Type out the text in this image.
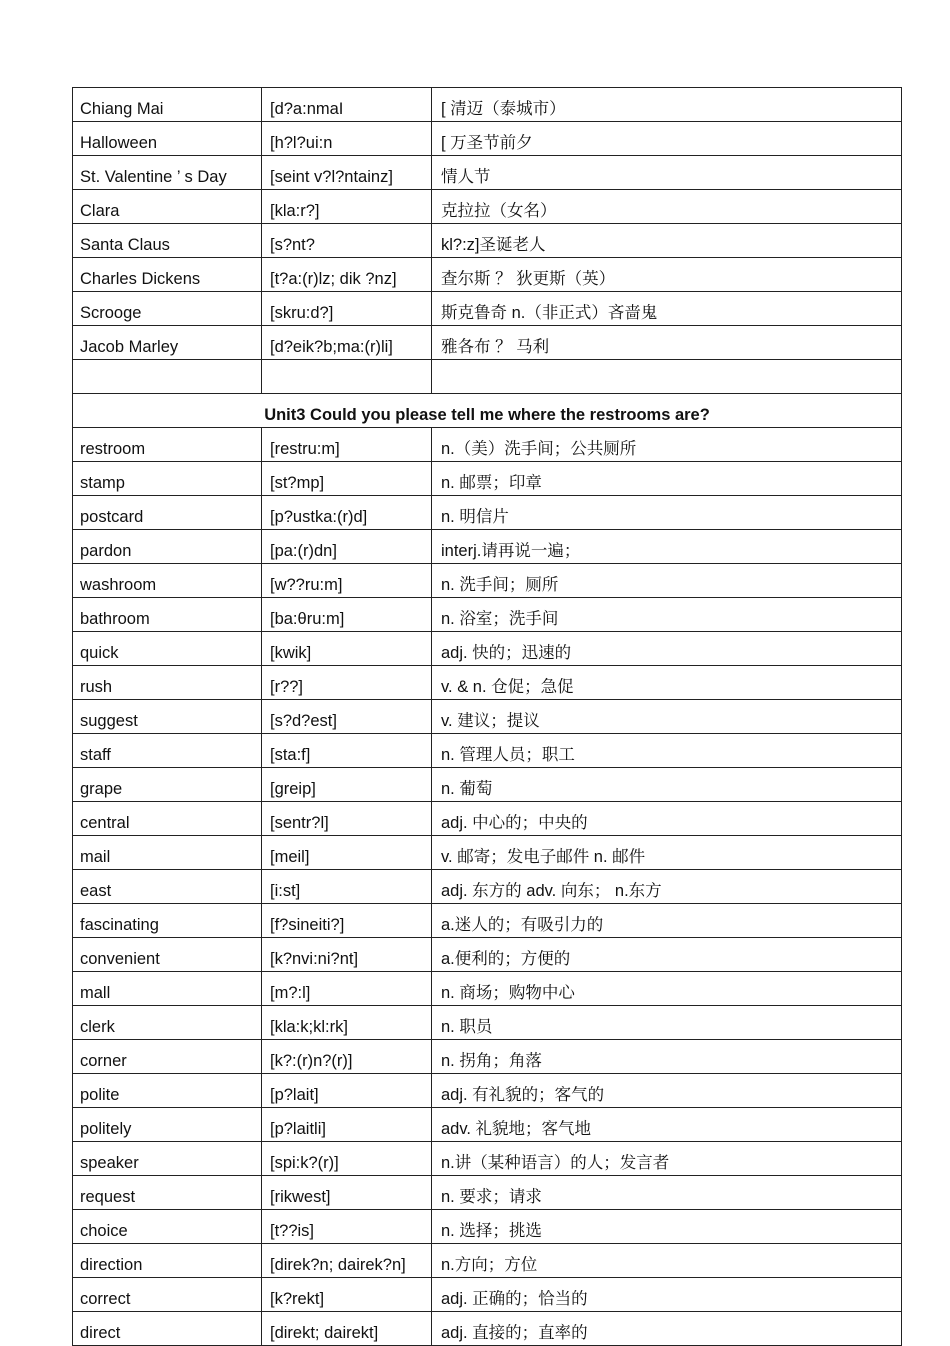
Chiang Mai	[d?a:nmaI	[ 清迈（泰城市）
Halloween	[h?l?ui:n	[ 万圣节前夕
St. Valentine ’ s Day	[seint v?l?ntainz]	情人节
Clara	[kla:r?]	克拉拉（女名）
Santa Claus	[s?nt?	kl?:z]圣诞老人
Charles Dickens	[t?a:(r)lz; dik ?nz]	查尔斯 ？ 狄更斯（英）
Scrooge	[skru:d?]	斯克鲁奇 n.（非正式）吝啬鬼
Jacob Marley	[d?eik?b;ma:(r)li]	雅各布 ？ 马利

Unit3 Could you please tell me where the restrooms are?		
restroom	[restru:m]	n.（美）洗手间；公共厕所
stamp	[st?mp]	n. 邮票；印章
postcard	[p?ustka:(r)d]	n. 明信片
pardon	[pa:(r)dn]	interj.请再说一遍；
washroom	[w??ru:m]	n. 洗手间；厕所
bathroom	[ba:θru:m]	n. 浴室；洗手间
quick	[kwik]	adj. 快的；迅速的
rush	[r??]	v. & n. 仓促；急促
suggest	[s?d?est]	v. 建议；提议
staff	[sta:f]	n. 管理人员；职工
grape	[greip]	n. 葡萄
central	[sentr?l]	adj. 中心的；中央的
mail	[meil]	v. 邮寄；发电子邮件 n. 邮件
east	[i:st]	adj. 东方的 adv. 向东； n.东方
fascinating	[f?sineiti?]	a.迷人的；有吸引力的
convenient	[k?nvi:ni?nt]	a.便利的；方便的
mall	[m?:l]	n. 商场；购物中心
clerk	[kla:k;kl:rk]	n. 职员
corner	[k?:(r)n?(r)]	n. 拐角；角落
polite	[p?lait]	adj. 有礼貌的；客气的
politely	[p?laitli]	adv. 礼貌地；客气地
speaker	[spi:k?(r)]	n.讲（某种语言）的人；发言者
request	[rikwest]	n. 要求；请求
choice	[t??is]	n. 选择；挑选
direction	[direk?n; dairek?n]	n.方向；方位
correct	[k?rekt]	adj. 正确的；恰当的
direct	[direkt; dairekt]	adj. 直接的；直率的
